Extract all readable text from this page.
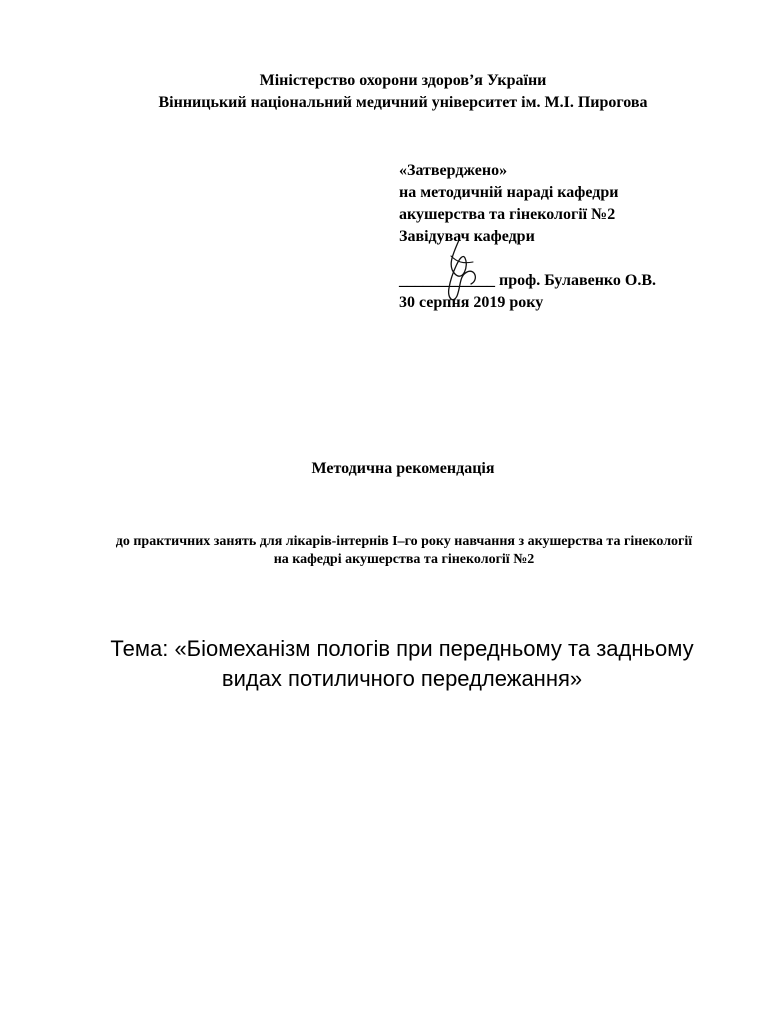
Міністерство охорони здоров’я України
Вінницький національний медичний університет ім. М.І. Пирогова
«Затверджено»
на методичній нараді кафедри
акушерства та гінекології №2
Завідувач кафедри
____________ проф. Булавенко О.В.
30 серпня 2019 року
Методична рекомендація
до практичних занять для лікарів-інтернів I–го року навчання з акушерства та гінекології
на кафедрі акушерства та гінекології №2
Тема: «Біомеханізм пологів при передньому та задньому
видах потиличного передлежання»
